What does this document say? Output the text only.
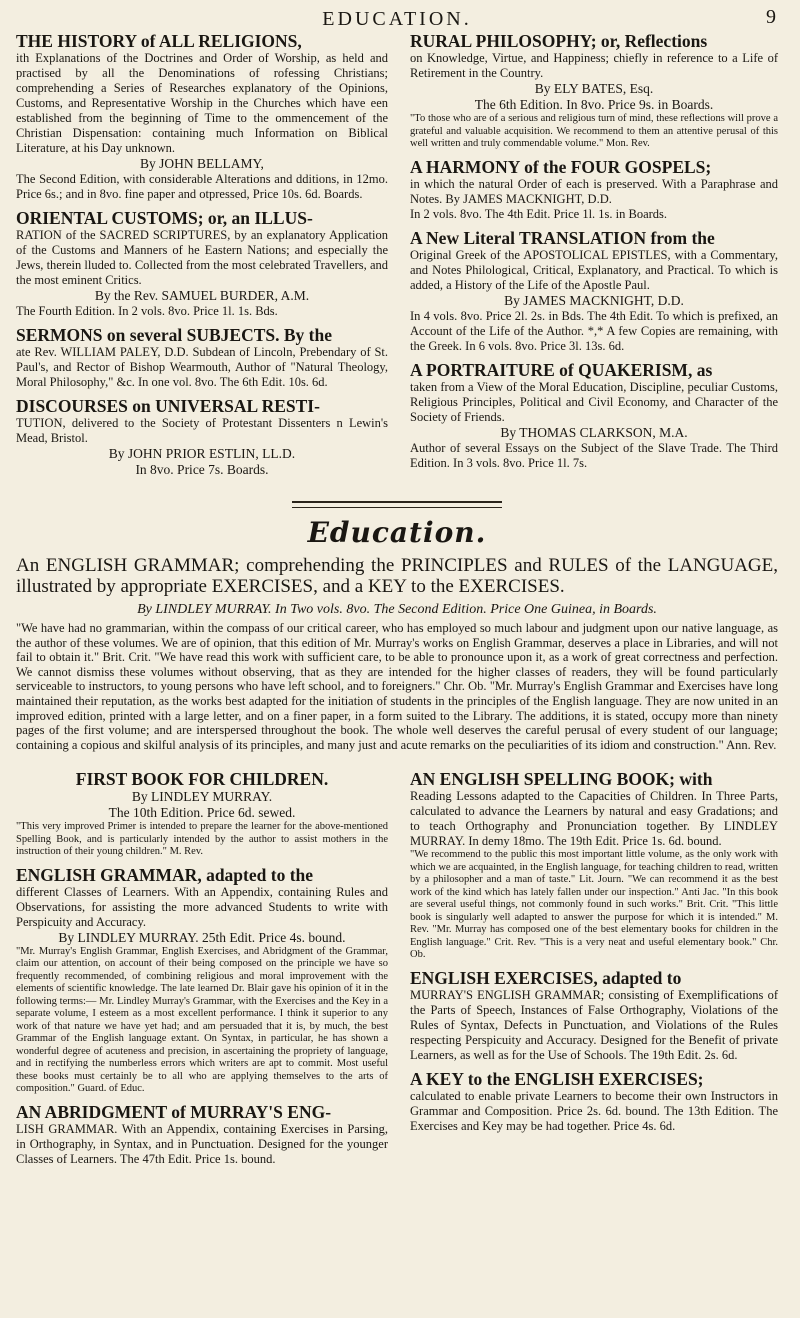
EDUCATION.	9

THE HISTORY of ALL RELIGIONS,

ith Explanations of the Doctrines and Order of Worship, as held and practised by all the Denominations of rofessing Christians; comprehending a Series of Researches explanatory of the Opinions, Customs, and Representative Worship in the Churches which have een established from the beginning of Time to the ommencement of the Christian Dispensation: containing much Information on Biblical Literature, at his Day unknown.

By JOHN BELLAMY,

The Second Edition, with considerable Alterations and dditions, in 12mo. Price 6s.; and in 8vo. fine paper and otpressed, Price 10s. 6d. Boards.

ORIENTAL CUSTOMS; or, an ILLUS-

RATION of the SACRED SCRIPTURES, by an explanatory Application of the Customs and Manners of he Eastern Nations; and especially the Jews, therein lluded to. Collected from the most celebrated Travellers, and the most eminent Critics.

By the Rev. SAMUEL BURDER, A.M.

The Fourth Edition. In 2 vols. 8vo. Price 1l. 1s. Bds.

SERMONS on several SUBJECTS. By the

ate Rev. WILLIAM PALEY, D.D. Subdean of Lincoln, Prebendary of St. Paul's, and Rector of Bishop Wearmouth, Author of "Natural Theology, Moral Philosophy," &c. In one vol. 8vo. The 6th Edit. 10s. 6d.

DISCOURSES on UNIVERSAL RESTI-

TUTION, delivered to the Society of Protestant Dissenters n Lewin's Mead, Bristol.

By JOHN PRIOR ESTLIN, LL.D.

In 8vo. Price 7s. Boards.

RURAL PHILOSOPHY; or, Reflections

on Knowledge, Virtue, and Happiness; chiefly in reference to a Life of Retirement in the Country.

By ELY BATES, Esq.

The 6th Edition. In 8vo. Price 9s. in Boards.

"To those who are of a serious and religious turn of mind, these reflections will prove a grateful and valuable acquisition. We recommend to them an attentive perusal of this well written and truly commendable volume." Mon. Rev.

A HARMONY of the FOUR GOSPELS;

in which the natural Order of each is preserved. With a Paraphrase and Notes. By JAMES MACKNIGHT, D.D.

In 2 vols. 8vo. The 4th Edit. Price 1l. 1s. in Boards.

A New Literal TRANSLATION from the

Original Greek of the APOSTOLICAL EPISTLES, with a Commentary, and Notes Philological, Critical, Explanatory, and Practical. To which is added, a History of the Life of the Apostle Paul.

By JAMES MACKNIGHT, D.D.

In 4 vols. 8vo. Price 2l. 2s. in Bds. The 4th Edit. To which is prefixed, an Account of the Life of the Author. *,* A few Copies are remaining, with the Greek. In 6 vols. 8vo. Price 3l. 13s. 6d.

A PORTRAITURE of QUAKERISM, as

taken from a View of the Moral Education, Discipline, peculiar Customs, Religious Principles, Political and Civil Economy, and Character of the Society of Friends.

By THOMAS CLARKSON, M.A.

Author of several Essays on the Subject of the Slave Trade. The Third Edition. In 3 vols. 8vo. Price 1l. 7s.

Education.

An ENGLISH GRAMMAR; comprehending the PRINCIPLES and RULES of the LANGUAGE, illustrated by appropriate EXERCISES, and a KEY to the EXERCISES.

By LINDLEY MURRAY. In Two vols. 8vo. The Second Edition. Price One Guinea, in Boards.

"We have had no grammarian, within the compass of our critical career, who has employed so much labour and judgment upon our native language, as the author of these volumes. We are of opinion, that this edition of Mr. Murray's works on English Grammar, deserves a place in Libraries, and will not fail to obtain it." Brit. Crit. "We have read this work with sufficient care, to be able to pronounce upon it, as a work of great correctness and perfection. We cannot dismiss these volumes without observing, that as they are intended for the higher classes of readers, they will be found particularly serviceable to instructors, to young persons who have left school, and to foreigners." Chr. Ob. "Mr. Murray's English Grammar and Exercises have long maintained their reputation, as the works best adapted for the initiation of students in the principles of the English language. They are now united in an improved edition, printed with a large letter, and on a finer paper, in a form suited to the Library. The additions, it is stated, occupy more than ninety pages of the first volume; and are interspersed throughout the book. The whole well deserves the careful perusal of every student of our language; containing a copious and skilful analysis of its principles, and many just and acute remarks on the peculiarities of its idiom and construction." Ann. Rev.

FIRST BOOK FOR CHILDREN.

By LINDLEY MURRAY.

The 10th Edition. Price 6d. sewed.

"This very improved Primer is intended to prepare the learner for the above-mentioned Spelling Book, and is particularly intended by the author to assist mothers in the instruction of their young children." M. Rev.

ENGLISH GRAMMAR, adapted to the

different Classes of Learners. With an Appendix, containing Rules and Observations, for assisting the more advanced Students to write with Perspicuity and Accuracy.

By LINDLEY MURRAY. 25th Edit. Price 4s. bound.

"Mr. Murray's English Grammar, English Exercises, and Abridgment of the Grammar, claim our attention, on account of their being composed on the principle we have so frequently recommended, of combining religious and moral improvement with the elements of scientific knowledge. The late learned Dr. Blair gave his opinion of it in the following terms:— Mr. Lindley Murray's Grammar, with the Exercises and the Key in a separate volume, I esteem as a most excellent performance. I think it superior to any work of that nature we have yet had; and am persuaded that it is, by much, the best Grammar of the English language extant. On Syntax, in particular, he has shown a wonderful degree of acuteness and precision, in ascertaining the propriety of language, and in rectifying the numberless errors which writers are apt to commit. Most useful these books must certainly be to all who are applying themselves to the arts of composition." Guard. of Educ.

AN ABRIDGMENT of MURRAY'S ENG-

LISH GRAMMAR. With an Appendix, containing Exercises in Parsing, in Orthography, in Syntax, and in Punctuation. Designed for the younger Classes of Learners. The 47th Edit. Price 1s. bound.

AN ENGLISH SPELLING BOOK; with

Reading Lessons adapted to the Capacities of Children. In Three Parts, calculated to advance the Learners by natural and easy Gradations; and to teach Orthography and Pronunciation together. By LINDLEY MURRAY. In demy 18mo. The 19th Edit. Price 1s. 6d. bound.

"We recommend to the public this most important little volume, as the only work with which we are acquainted, in the English language, for teaching children to read, written by a philosopher and a man of taste." Lit. Journ. "We can recommend it as the best work of the kind which has lately fallen under our inspection." Anti Jac. "In this book are several useful things, not commonly found in such works." Brit. Crit. "This little book is singularly well adapted to answer the purpose for which it is intended." M. Rev. "Mr. Murray has composed one of the best elementary books for children in the English language." Crit. Rev. "This is a very neat and useful elementary book." Chr. Ob.

ENGLISH EXERCISES, adapted to

MURRAY'S ENGLISH GRAMMAR; consisting of Exemplifications of the Parts of Speech, Instances of False Orthography, Violations of the Rules of Syntax, Defects in Punctuation, and Violations of the Rules respecting Perspicuity and Accuracy. Designed for the Benefit of private Learners, as well as for the Use of Schools. The 19th Edit. 2s. 6d.

A KEY to the ENGLISH EXERCISES;

calculated to enable private Learners to become their own Instructors in Grammar and Composition. Price 2s. 6d. bound. The 13th Edition. The Exercises and Key may be had together. Price 4s. 6d.
